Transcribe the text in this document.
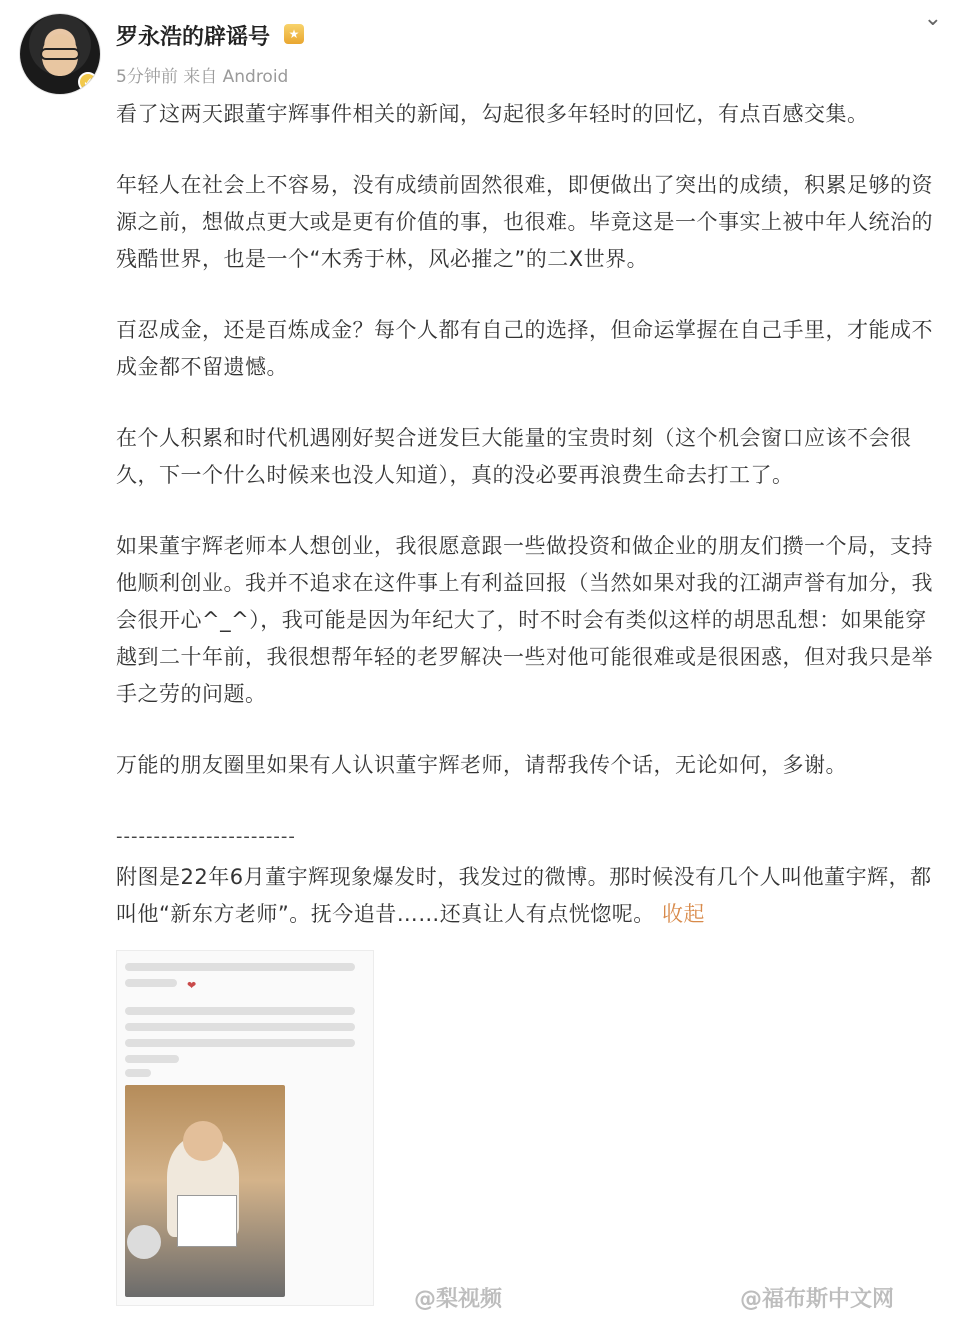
✓
罗永浩的辟谣号	★
5分钟前 来自 Android
⌄

看了这两天跟董宇辉事件相关的新闻，勾起很多年轻时的回忆，有点百感交集。

年轻人在社会上不容易，没有成绩前固然很难，即便做出了突出的成绩，积累足够的资源之前，想做点更大或是更有价值的事，也很难。毕竟这是一个事实上被中年人统治的残酷世界，也是一个“木秀于林，风必摧之”的二X世界。

百忍成金，还是百炼成金？每个人都有自己的选择，但命运掌握在自己手里，才能成不成金都不留遗憾。

在个人积累和时代机遇刚好契合迸发巨大能量的宝贵时刻（这个机会窗口应该不会很久，下一个什么时候来也没人知道），真的没必要再浪费生命去打工了。

如果董宇辉老师本人想创业，我很愿意跟一些做投资和做企业的朋友们攒一个局，支持他顺利创业。我并不追求在这件事上有利益回报（当然如果对我的江湖声誉有加分，我会很开心^_^），我可能是因为年纪大了，时不时会有类似这样的胡思乱想：如果能穿越到二十年前，我很想帮年轻的老罗解决一些对他可能很难或是很困惑，但对我只是举手之劳的问题。

万能的朋友圈里如果有人认识董宇辉老师，请帮我传个话，无论如何，多谢。

------------------------

附图是22年6月董宇辉现象爆发时，我发过的微博。那时候没有几个人叫他董宇辉，都叫他“新东方老师”。抚今追昔……还真让人有点恍惚呢。 收起

❤
@梨视频	@福布斯中文网
